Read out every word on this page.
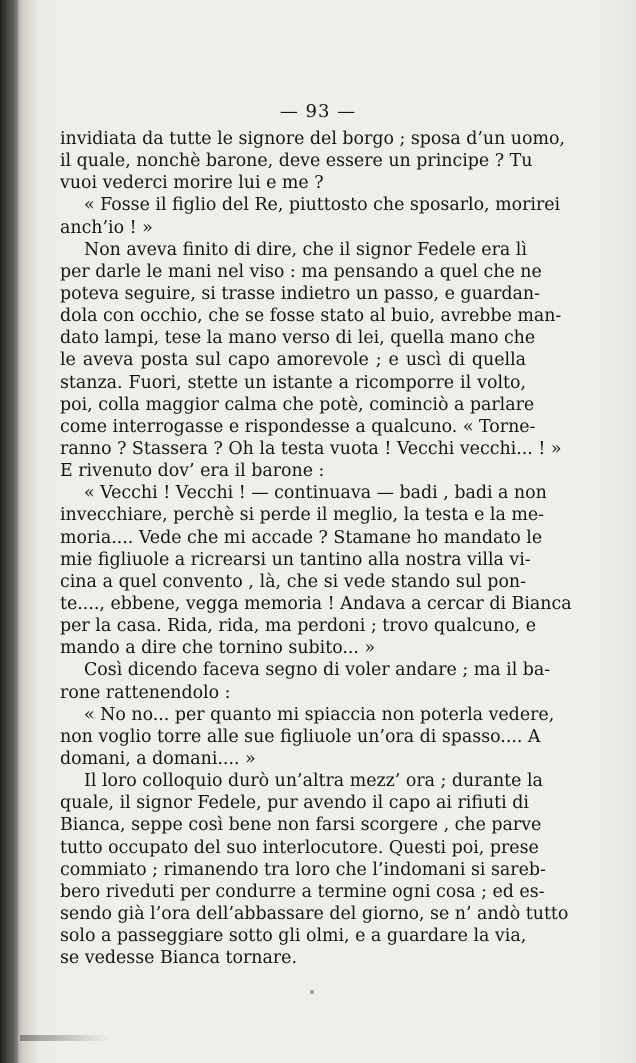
— 93 —
invidiata da tutte le signore del borgo ; sposa d’un uomo,
il quale, nonchè barone, deve essere un principe ? Tu
vuoi vederci morire lui e me ?
« Fosse il figlio del Re, piuttosto che sposarlo, morirei
anch’io ! »
Non aveva finito di dire, che il signor Fedele era lì
per darle le mani nel viso : ma pensando a quel che ne
poteva seguire, si trasse indietro un passo, e guardan-
dola con occhio, che se fosse stato al buio, avrebbe man-
dato lampi, tese la mano verso di lei, quella mano che
le aveva posta sul capo amorevole ; e uscì di quella
stanza. Fuori, stette un istante a ricomporre il volto,
poi, colla maggior calma che potè, cominciò a parlare
come interrogasse e rispondesse a qualcuno. « Torne-
ranno ? Stassera ? Oh la testa vuota ! Vecchi vecchi... ! »
E rivenuto dov’ era il barone :
« Vecchi ! Vecchi ! — continuava — badi , badi a non
invecchiare, perchè si perde il meglio, la testa e la me-
moria.... Vede che mi accade ? Stamane ho mandato le
mie figliuole a ricrearsi un tantino alla nostra villa vi-
cina a quel convento , là, che si vede stando sul pon-
te...., ebbene, vegga memoria ! Andava a cercar di Bianca
per la casa. Rida, rida, ma perdoni ; trovo qualcuno, e
mando a dire che tornino subito... »
Così dicendo faceva segno di voler andare ; ma il ba-
rone rattenendolo :
« No no... per quanto mi spiaccia non poterla vedere,
non voglio torre alle sue figliuole un’ora di spasso.... A
domani, a domani.... »
Il loro colloquio durò un’altra mezz’ ora ; durante la
quale, il signor Fedele, pur avendo il capo ai rifiuti di
Bianca, seppe così bene non farsi scorgere , che parve
tutto occupato del suo interlocutore. Questi poi, prese
commiato ; rimanendo tra loro che l’indomani si sareb-
bero riveduti per condurre a termine ogni cosa ; ed es-
sendo già l’ora dell’abbassare del giorno, se n’ andò tutto
solo a passeggiare sotto gli olmi, e a guardare la via,
se vedesse Bianca tornare.
